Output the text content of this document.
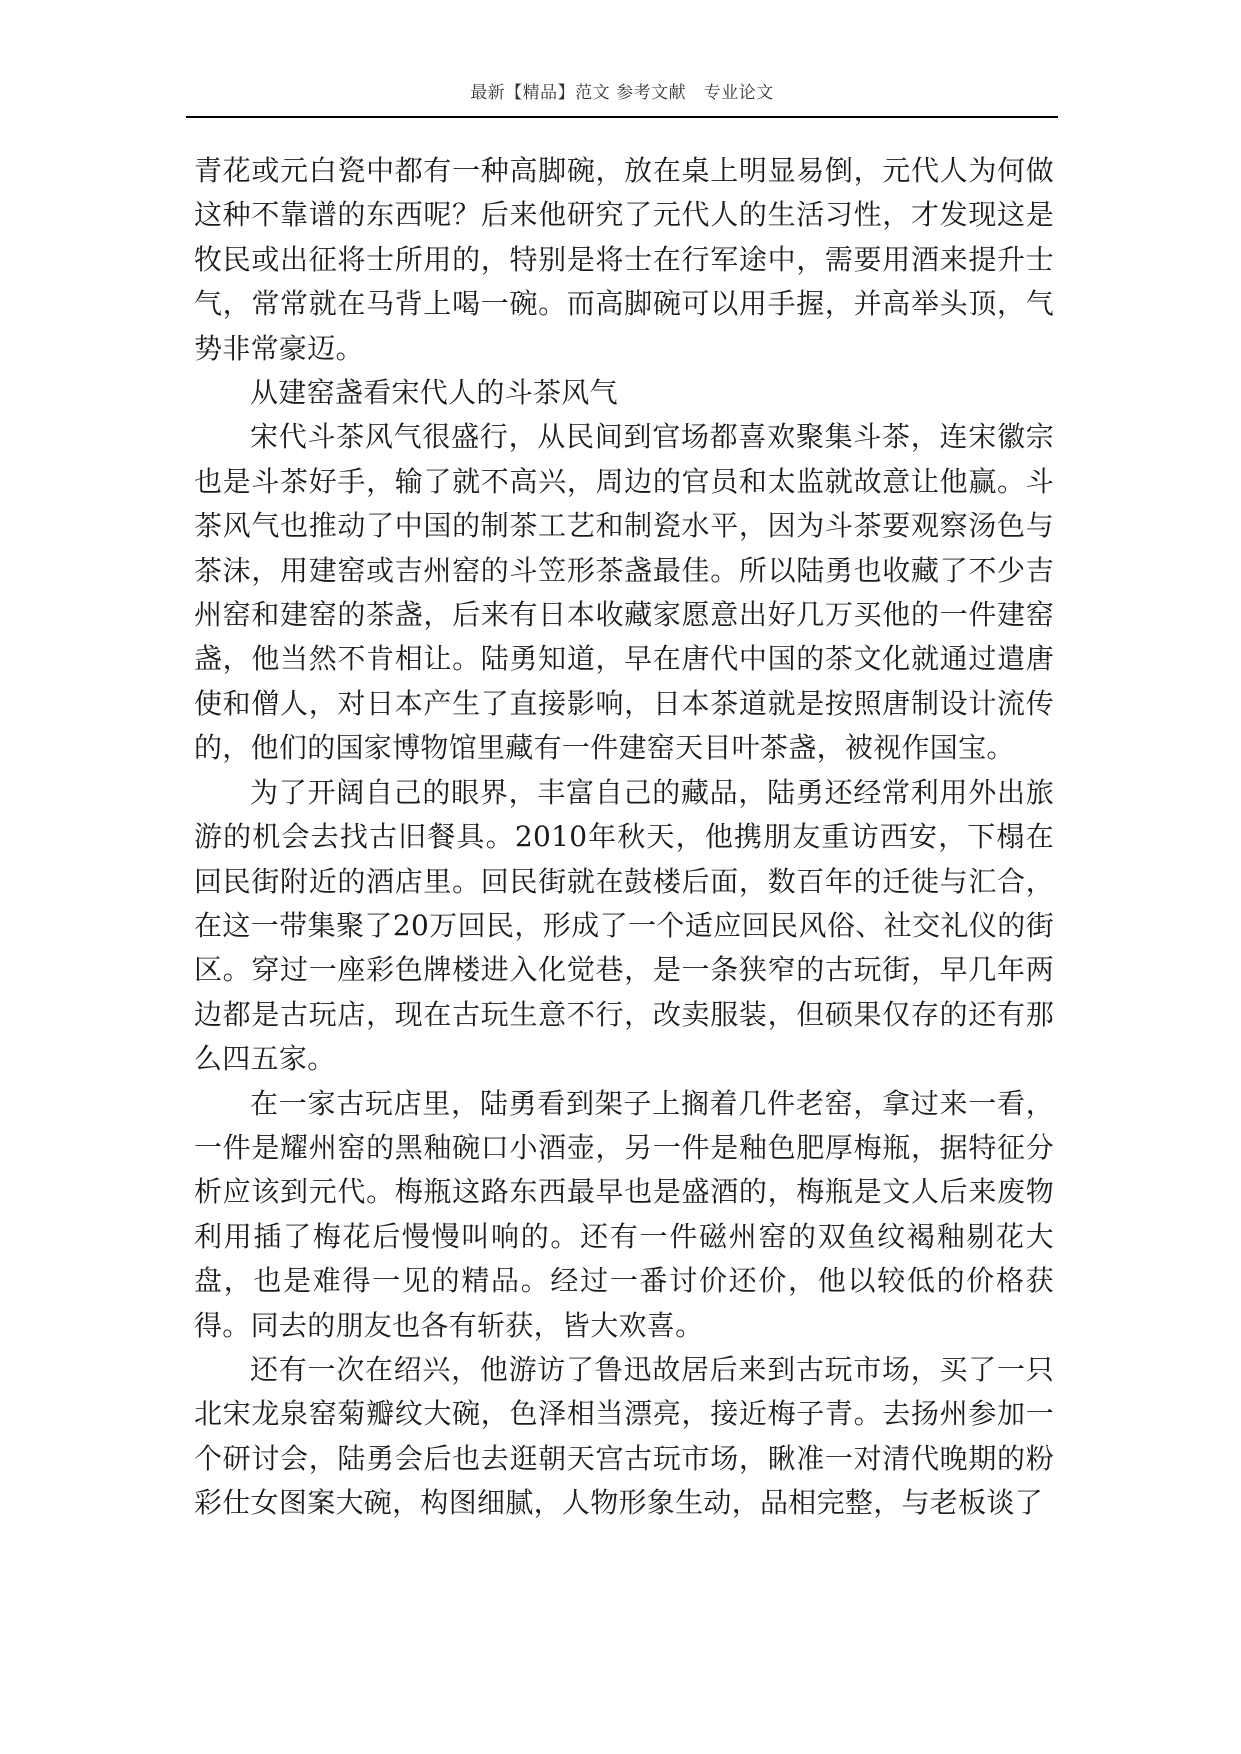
最新【精品】范文 参考文献   专业论文

青花或元白瓷中都有一种高脚碗，放在桌上明显易倒，元代人为何做这种不靠谱的东西呢？后来他研究了元代人的生活习性，才发现这是牧民或出征将士所用的，特别是将士在行军途中，需要用酒来提升士气，常常就在马背上喝一碗。而高脚碗可以用手握，并高举头顶，气势非常豪迈。

从建窑盏看宋代人的斗茶风气

宋代斗茶风气很盛行，从民间到官场都喜欢聚集斗茶，连宋徽宗也是斗茶好手，输了就不高兴，周边的官员和太监就故意让他赢。斗茶风气也推动了中国的制茶工艺和制瓷水平，因为斗茶要观察汤色与茶沫，用建窑或吉州窑的斗笠形茶盏最佳。所以陆勇也收藏了不少吉州窑和建窑的茶盏，后来有日本收藏家愿意出好几万买他的一件建窑盏，他当然不肯相让。陆勇知道，早在唐代中国的茶文化就通过遣唐使和僧人，对日本产生了直接影响，日本茶道就是按照唐制设计流传的，他们的国家博物馆里藏有一件建窑天目叶茶盏，被视作国宝。

为了开阔自己的眼界，丰富自己的藏品，陆勇还经常利用外出旅游的机会去找古旧餐具。2010年秋天，他携朋友重访西安，下榻在回民街附近的酒店里。回民街就在鼓楼后面，数百年的迁徙与汇合，在这一带集聚了20万回民，形成了一个适应回民风俗、社交礼仪的街区。穿过一座彩色牌楼进入化觉巷，是一条狭窄的古玩街，早几年两边都是古玩店，现在古玩生意不行，改卖服装，但硕果仅存的还有那么四五家。

在一家古玩店里，陆勇看到架子上搁着几件老窑，拿过来一看，一件是耀州窑的黑釉碗口小酒壶，另一件是釉色肥厚梅瓶，据特征分析应该到元代。梅瓶这路东西最早也是盛酒的，梅瓶是文人后来废物利用插了梅花后慢慢叫响的。还有一件磁州窑的双鱼纹褐釉剔花大盘，也是难得一见的精品。经过一番讨价还价，他以较低的价格获得。同去的朋友也各有斩获，皆大欢喜。

还有一次在绍兴，他游访了鲁迅故居后来到古玩市场，买了一只北宋龙泉窑菊瓣纹大碗，色泽相当漂亮，接近梅子青。去扬州参加一个研讨会，陆勇会后也去逛朝天宫古玩市场，瞅准一对清代晚期的粉彩仕女图案大碗，构图细腻，人物形象生动，品相完整，与老板谈了
